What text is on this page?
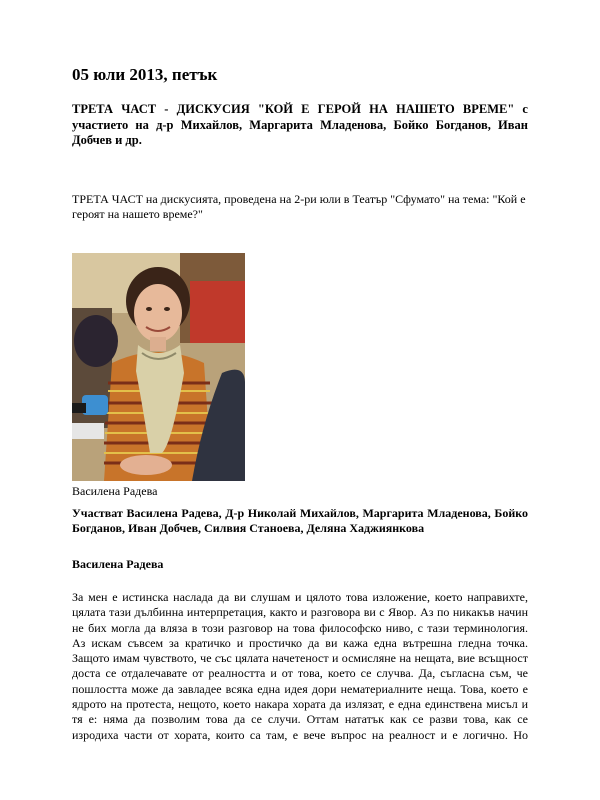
05 юли 2013, петък
ТРЕТА ЧАСТ - ДИСКУСИЯ "КОЙ Е ГЕРОЙ НА НАШЕТО ВРЕМЕ" с участието на д-р Михайлов, Маргарита Младенова, Бойко Богданов, Иван Добчев и др.
ТРЕТА ЧАСТ на дискусията, проведена на 2-ри юли в Театър "Сфумато" на тема: "Кой е героят на нашето време?"
Василена Радева
Участват Василена Радева, Д-р Николай Михайлов, Маргарита Младенова, Бойко Богданов, Иван Добчев, Силвия Станоева, Деляна Хаджиянкова
Василена Радева
За мен е истинска наслада да ви слушам и цялото това изложение, което направихте,
цялата тази дълбинна интерпретация, както и разговора ви с Явор. Аз по никакъв начин
не бих могла да вляза в този разговор на това философско ниво, с тази терминология.
Аз искам съвсем за кратичко и простичко да ви кажа една вътрешна гледна точка.
Защото имам чувството, че със цялата начетеност и осмисляне на нещата, вие всъщност
доста се отдалечавате от реалността и от това, което се случва. Да, съгласна съм, че
пошлостта може да завладее всяка една идея дори нематериалните неща. Това, което е
ядрото на протеста, нещото, което накара хората да излязат, е една единствена мисъл и
тя е: няма да позволим това да се случи. Оттам нататък как се разви това, как се
изродиха части от хората, които са там, е вече въпрос на реалност и е логично. Но
